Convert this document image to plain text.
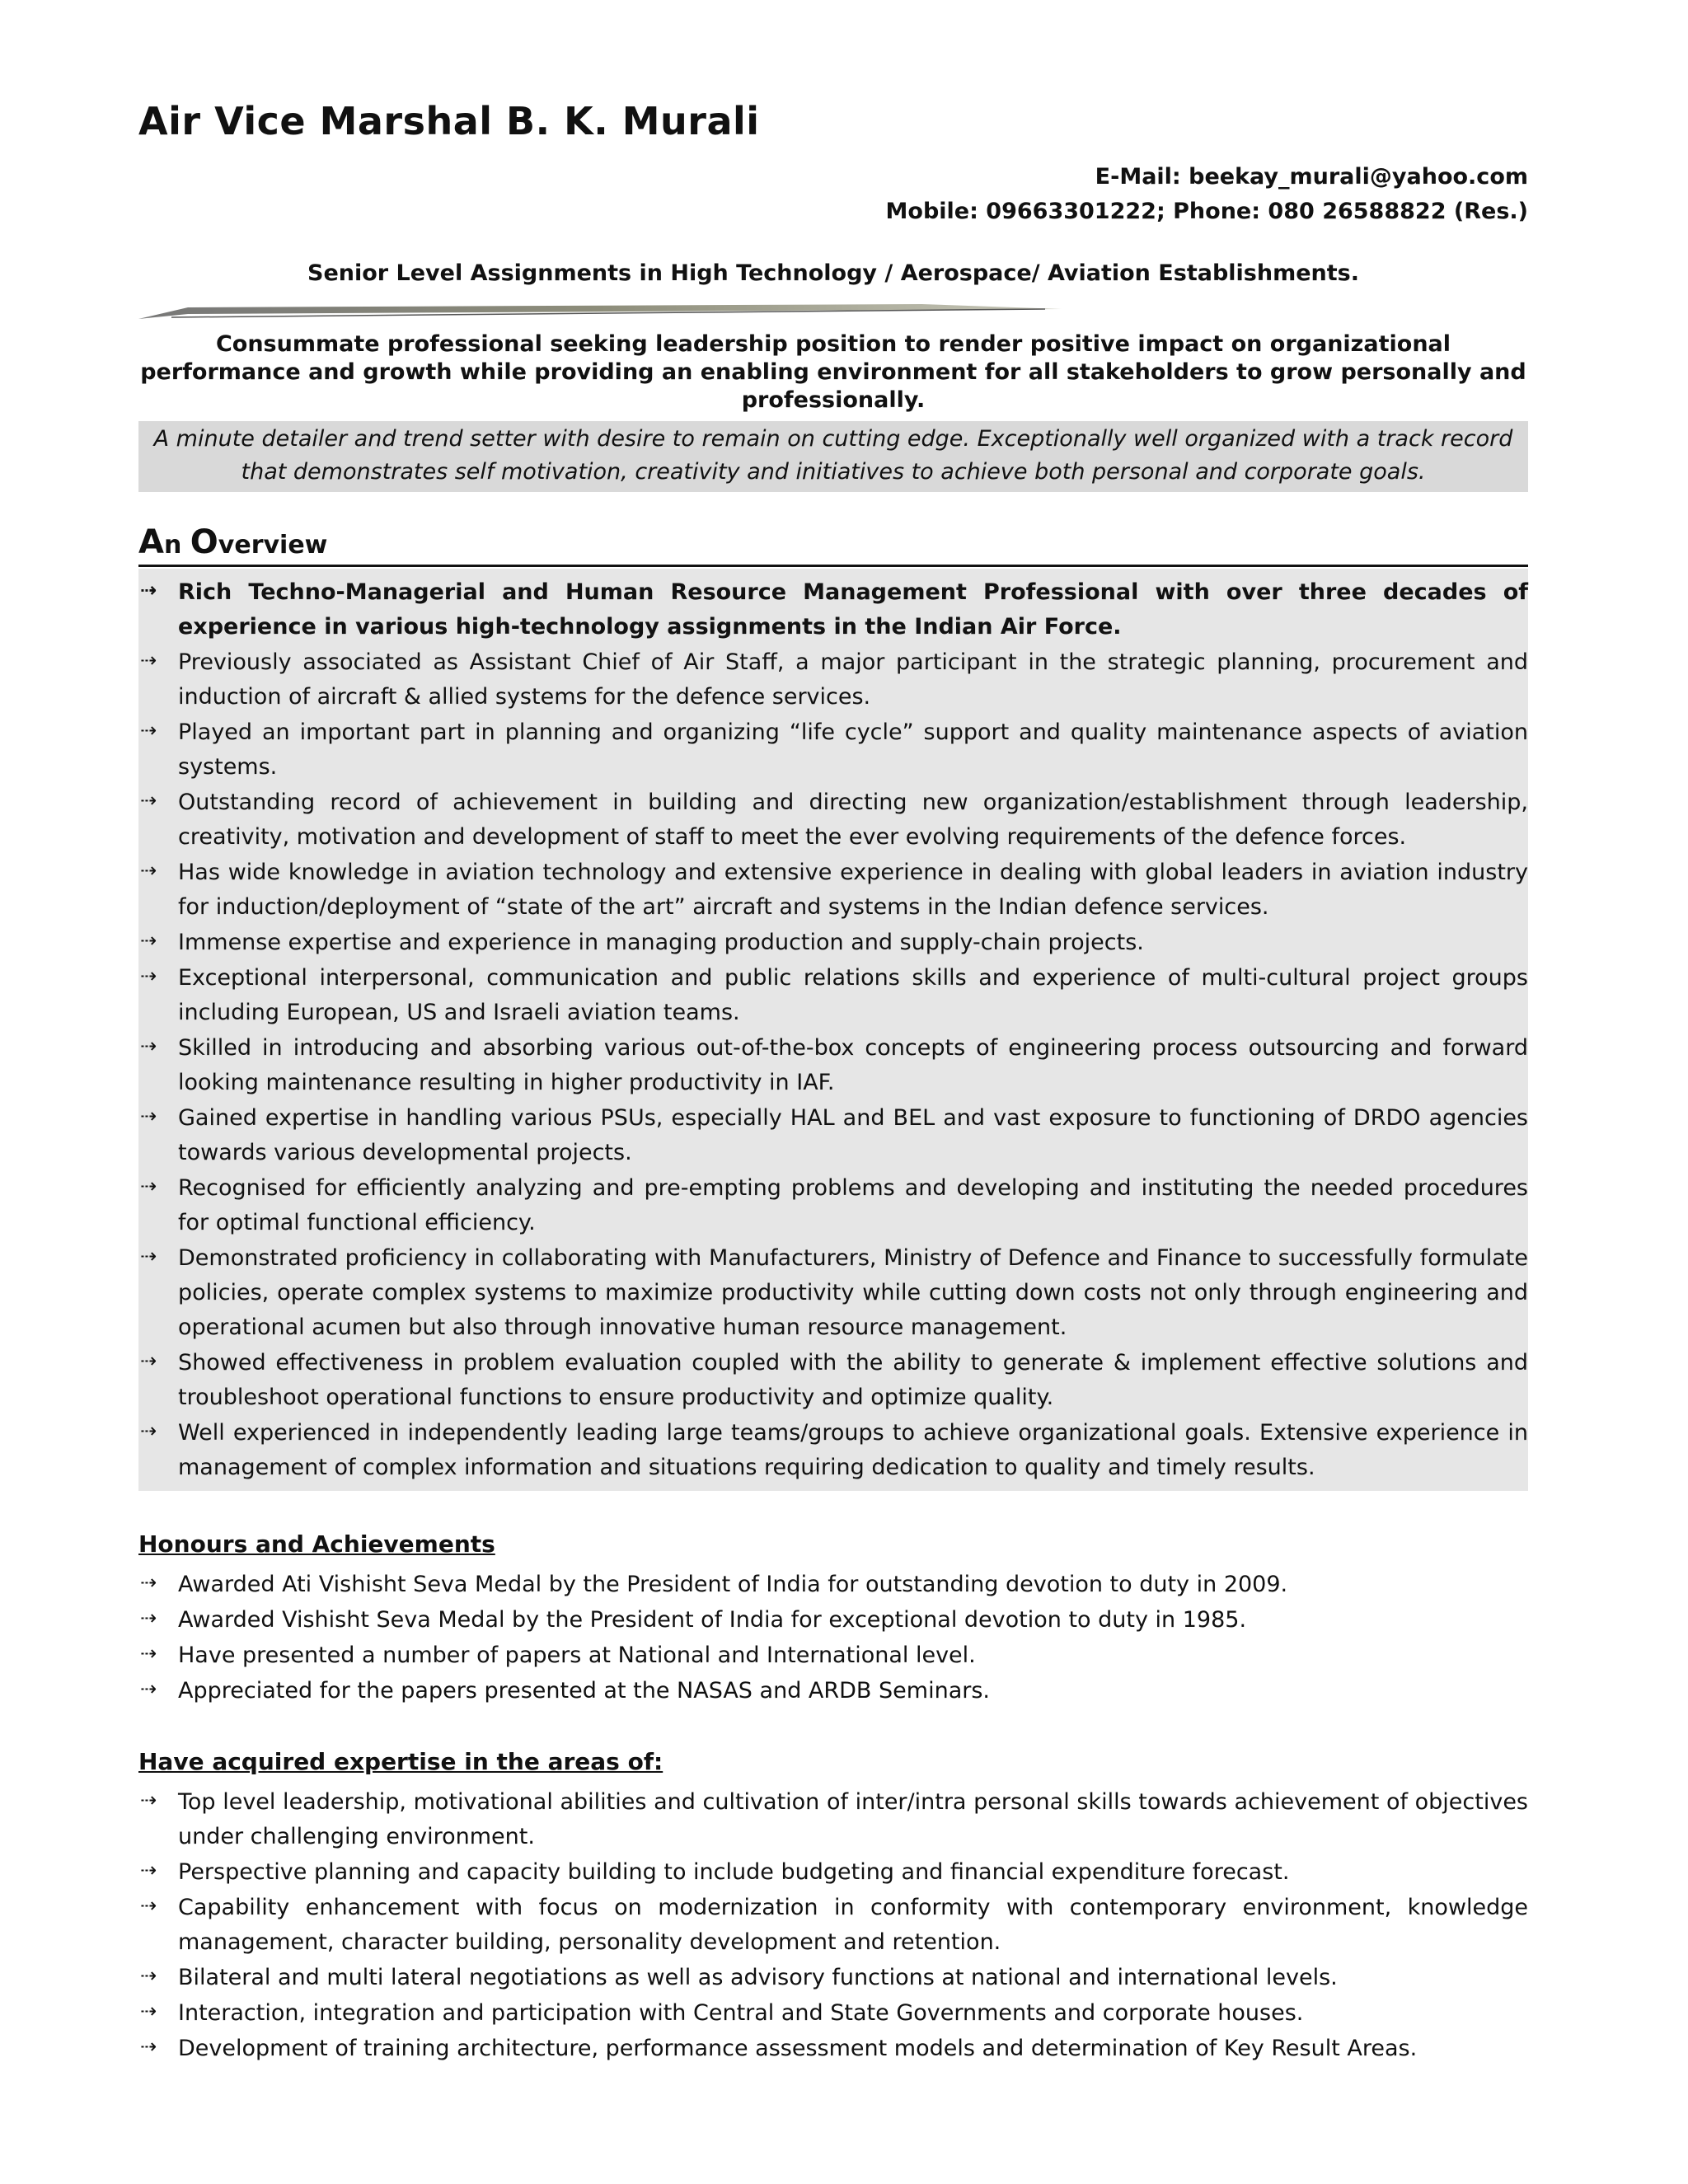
Air Vice Marshal B. K. Murali
E-Mail: beekay_murali@yahoo.com
Mobile: 09663301222; Phone: 080 26588822 (Res.)
Senior Level Assignments in High Technology / Aerospace/ Aviation Establishments.
Consummate professional seeking leadership position to render positive impact on organizational performance and growth while providing an enabling environment for all stakeholders to grow personally and professionally.
A minute detailer and trend setter with desire to remain on cutting edge. Exceptionally well organized with a track record that demonstrates self motivation, creativity and initiatives to achieve both personal and corporate goals.
An Overview
⇢ Rich Techno-Managerial and Human Resource Management Professional with over three decades of experience in various high-technology assignments in the Indian Air Force.
⇢ Previously associated as Assistant Chief of Air Staff, a major participant in the strategic planning, procurement and induction of aircraft & allied systems for the defence services.
⇢ Played an important part in planning and organizing “life cycle” support and quality maintenance aspects of aviation systems.
⇢ Outstanding record of achievement in building and directing new organization/establishment through leadership, creativity, motivation and development of staff to meet the ever evolving requirements of the defence forces.
⇢ Has wide knowledge in aviation technology and extensive experience in dealing with global leaders in aviation industry for induction/deployment of “state of the art” aircraft and systems in the Indian defence services.
⇢ Immense expertise and experience in managing production and supply-chain projects.
⇢ Exceptional interpersonal, communication and public relations skills and experience of multi-cultural project groups including European, US and Israeli aviation teams.
⇢ Skilled in introducing and absorbing various out-of-the-box concepts of engineering process outsourcing and forward looking maintenance resulting in higher productivity in IAF.
⇢ Gained expertise in handling various PSUs, especially HAL and BEL and vast exposure to functioning of DRDO agencies towards various developmental projects.
⇢ Recognised for efficiently analyzing and pre-empting problems and developing and instituting the needed procedures for optimal functional efficiency.
⇢ Demonstrated proficiency in collaborating with Manufacturers, Ministry of Defence and Finance to successfully formulate policies, operate complex systems to maximize productivity while cutting down costs not only through engineering and operational acumen but also through innovative human resource management.
⇢ Showed effectiveness in problem evaluation coupled with the ability to generate & implement effective solutions and troubleshoot operational functions to ensure productivity and optimize quality.
⇢ Well experienced in independently leading large teams/groups to achieve organizational goals. Extensive experience in management of complex information and situations requiring dedication to quality and timely results.
Honours and Achievements
⇢ Awarded Ati Vishisht Seva Medal by the President of India for outstanding devotion to duty in 2009.
⇢ Awarded Vishisht Seva Medal by the President of India for exceptional devotion to duty in 1985.
⇢ Have presented a number of papers at National and International level.
⇢ Appreciated for the papers presented at the NASAS and ARDB Seminars.
Have acquired expertise in the areas of:
⇢ Top level leadership, motivational abilities and cultivation of inter/intra personal skills towards achievement of objectives under challenging environment.
⇢ Perspective planning and capacity building to include budgeting and financial expenditure forecast.
⇢ Capability enhancement with focus on modernization in conformity with contemporary environment, knowledge management, character building, personality development and retention.
⇢ Bilateral and multi lateral negotiations as well as advisory functions at national and international levels.
⇢ Interaction, integration and participation with Central and State Governments and corporate houses.
⇢ Development of training architecture, performance assessment models and determination of Key Result Areas.
